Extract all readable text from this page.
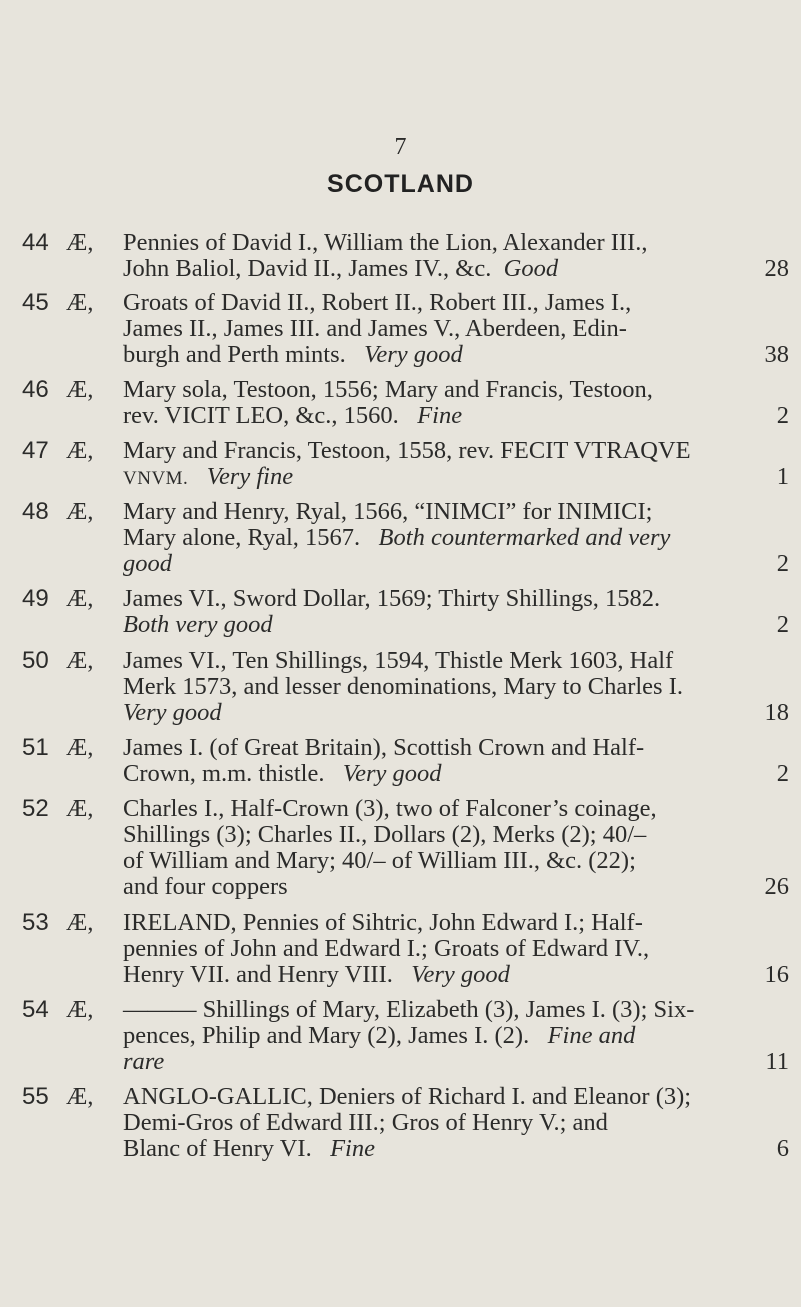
7
SCOTLAND
44 Æ, Pennies of David I., William the Lion, Alexander III.,
John Baliol, David II., James IV., &c. Good	28
45 Æ, Groats of David II., Robert II., Robert III., James I.,
James II., James III. and James V., Aberdeen, Edin-
burgh and Perth mints. Very good	38
46 Æ, Mary sola, Testoon, 1556; Mary and Francis, Testoon,
rev. VICIT LEO, &c., 1560. Fine	2
47 Æ, Mary and Francis, Testoon, 1558, rev. FECIT VTRAQVE
VNVM. Very fine	1
48 Æ, Mary and Henry, Ryal, 1566, “INIMCI” for INIMICI;
Mary alone, Ryal, 1567. Both countermarked and very
good	2
49 Æ, James VI., Sword Dollar, 1569; Thirty Shillings, 1582.
Both very good	2
50 Æ, James VI., Ten Shillings, 1594, Thistle Merk 1603, Half
Merk 1573, and lesser denominations, Mary to Charles I.
Very good	18
51 Æ, James I. (of Great Britain), Scottish Crown and Half-
Crown, m.m. thistle. Very good	2
52 Æ, Charles I., Half-Crown (3), two of Falconer’s coinage,
Shillings (3); Charles II., Dollars (2), Merks (2); 40/–
of William and Mary; 40/– of William III., &c. (22);
and four coppers	26
53 Æ, IRELAND, Pennies of Sihtric, John Edward I.; Half-
pennies of John and Edward I.; Groats of Edward IV.,
Henry VII. and Henry VIII. Very good	16
54 Æ, ——— Shillings of Mary, Elizabeth (3), James I. (3); Six-
pences, Philip and Mary (2), James I. (2). Fine and
rare	11
55 Æ, ANGLO-GALLIC, Deniers of Richard I. and Eleanor (3);
Demi-Gros of Edward III.; Gros of Henry V.; and
Blanc of Henry VI. Fine	6
